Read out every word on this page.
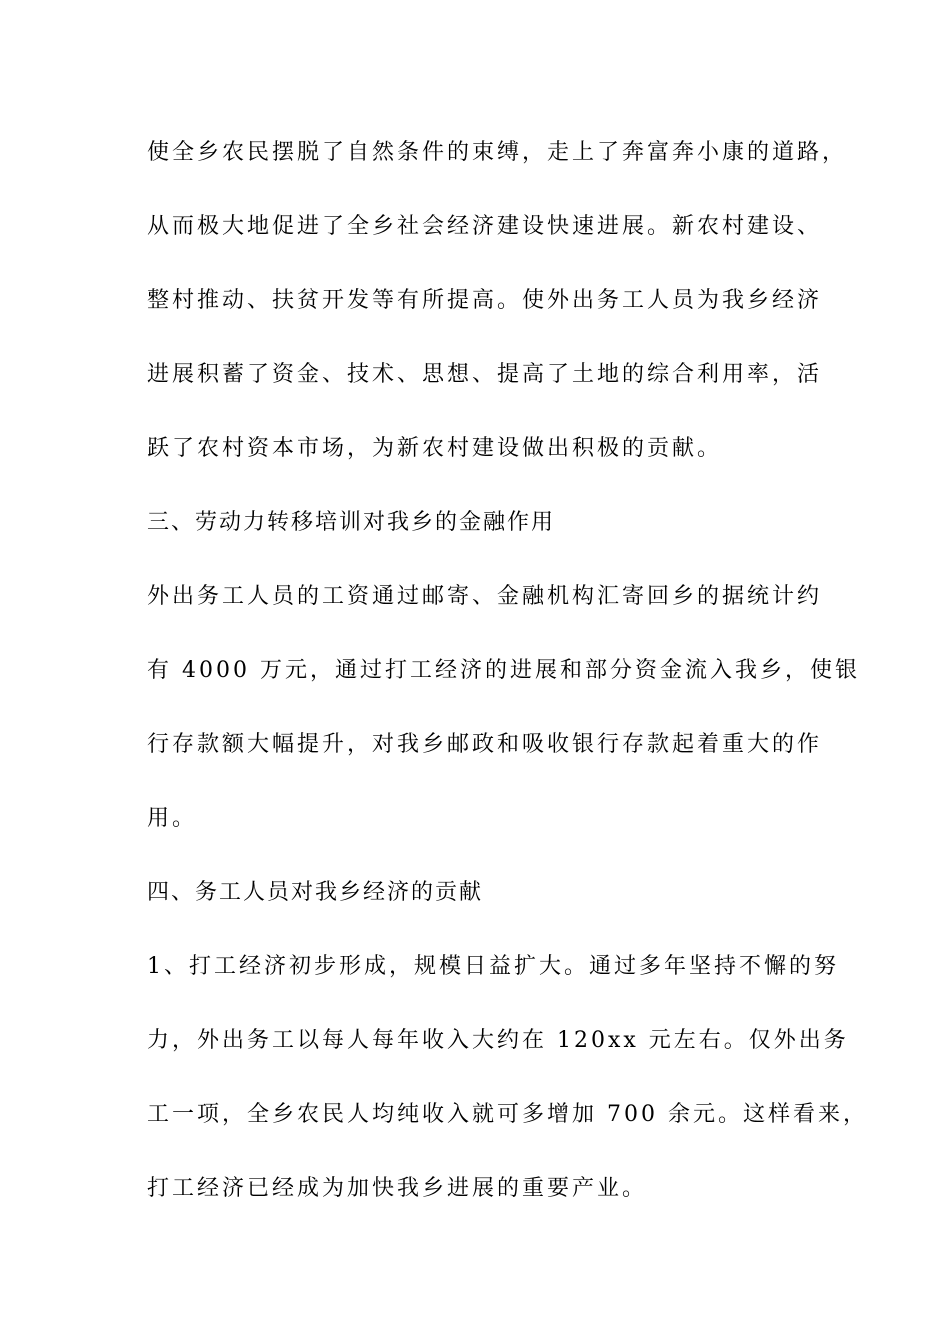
使全乡农民摆脱了自然条件的束缚，走上了奔富奔小康的道路，
从而极大地促进了全乡社会经济建设快速进展。新农村建设、
整村推动、扶贫开发等有所提高。使外出务工人员为我乡经济
进展积蓄了资金、技术、思想、提高了土地的综合利用率，活
跃了农村资本市场，为新农村建设做出积极的贡献。
三、劳动力转移培训对我乡的金融作用
外出务工人员的工资通过邮寄、金融机构汇寄回乡的据统计约
有 4000 万元，通过打工经济的进展和部分资金流入我乡，使银
行存款额大幅提升，对我乡邮政和吸收银行存款起着重大的作
用。
四、务工人员对我乡经济的贡献
1、打工经济初步形成，规模日益扩大。通过多年坚持不懈的努
力，外出务工以每人每年收入大约在 120xx 元左右。仅外出务
工一项，全乡农民人均纯收入就可多增加 700 余元。这样看来，
打工经济已经成为加快我乡进展的重要产业。
